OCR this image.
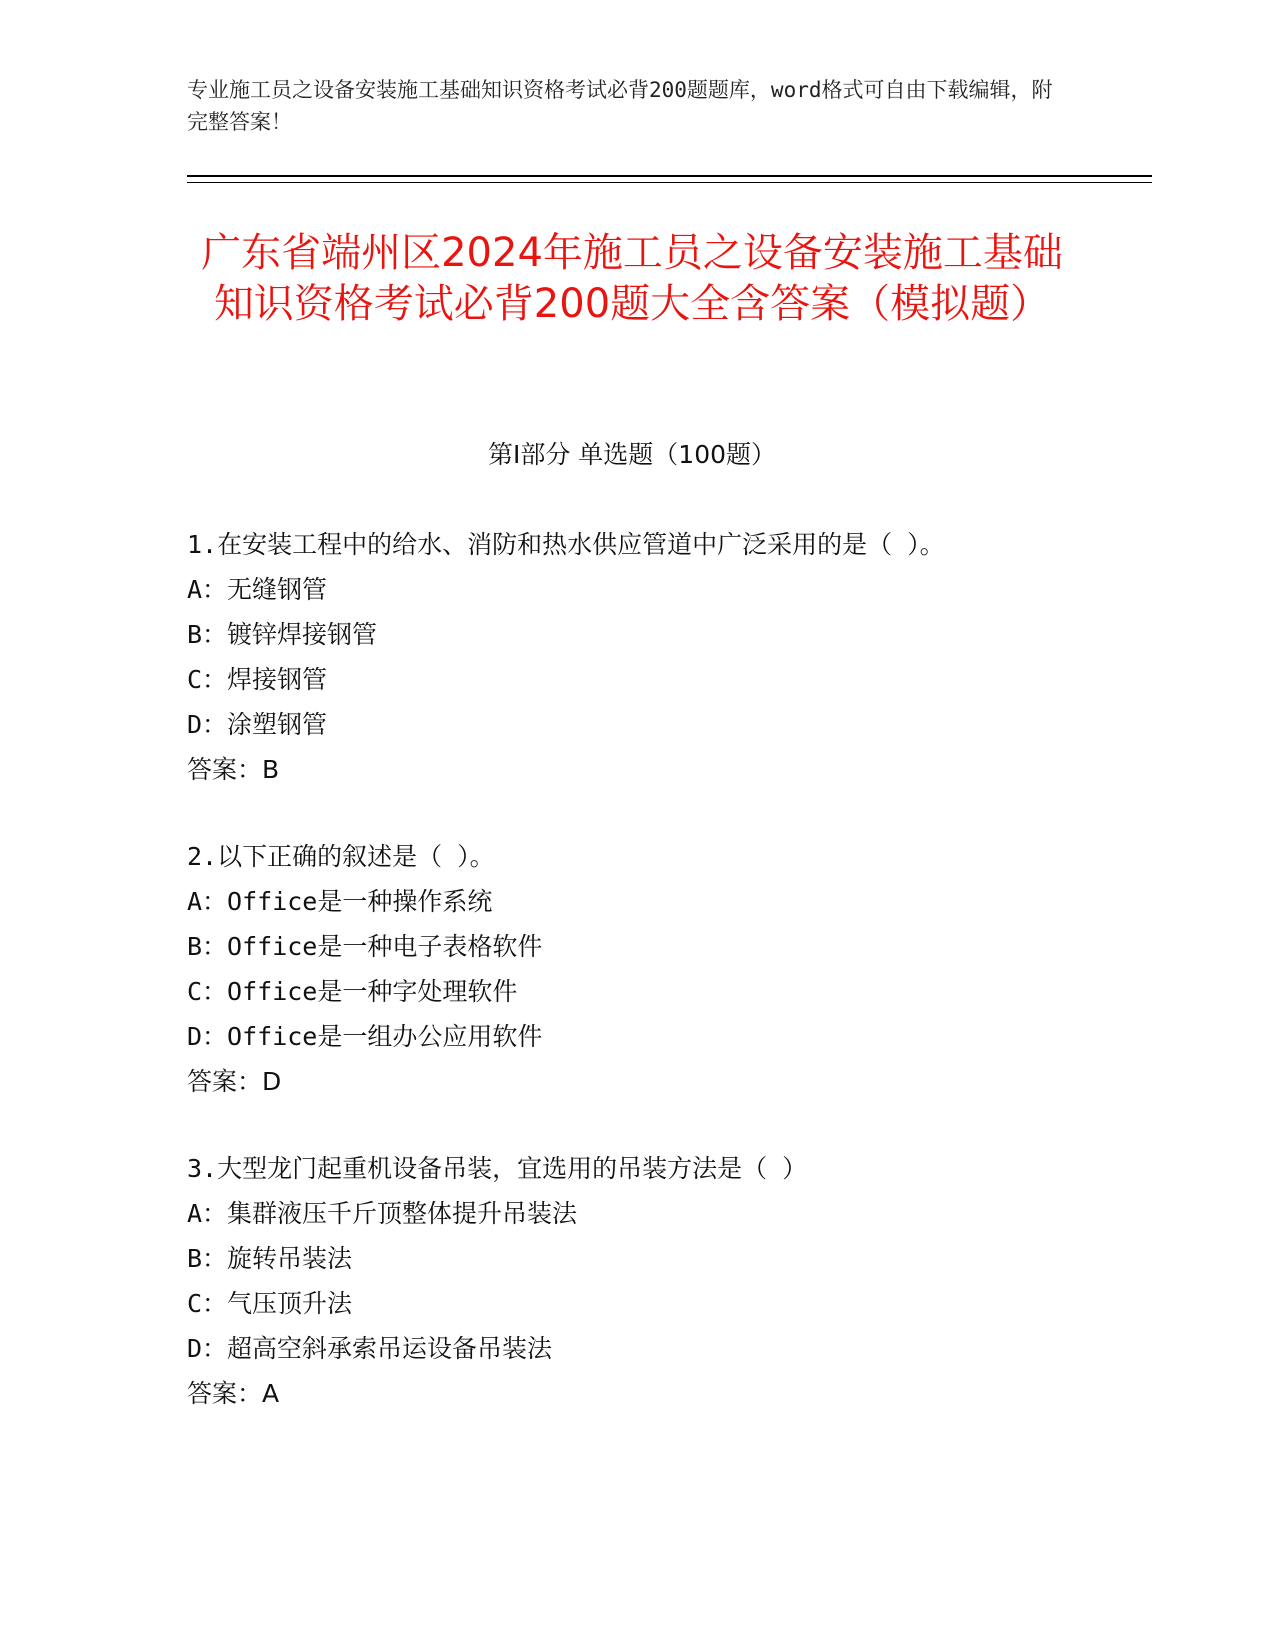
专业施工员之设备安装施工基础知识资格考试必背200题题库，word格式可自由下载编辑，附完整答案！
广东省端州区2024年施工员之设备安装施工基础知识资格考试必背200题大全含答案（模拟题）
第I部分 单选题（100题）
1.在安装工程中的给水、消防和热水供应管道中广泛采用的是（ ）。
A：无缝钢管
B：镀锌焊接钢管
C：焊接钢管
D：涂塑钢管
答案：B
2.以下正确的叙述是（ ）。
A：Office是一种操作系统
B：Office是一种电子表格软件
C：Office是一种字处理软件
D：Office是一组办公应用软件
答案：D
3.大型龙门起重机设备吊装，宜选用的吊装方法是（ ）
A：集群液压千斤顶整体提升吊装法
B：旋转吊装法
C：气压顶升法
D：超高空斜承索吊运设备吊装法
答案：A
